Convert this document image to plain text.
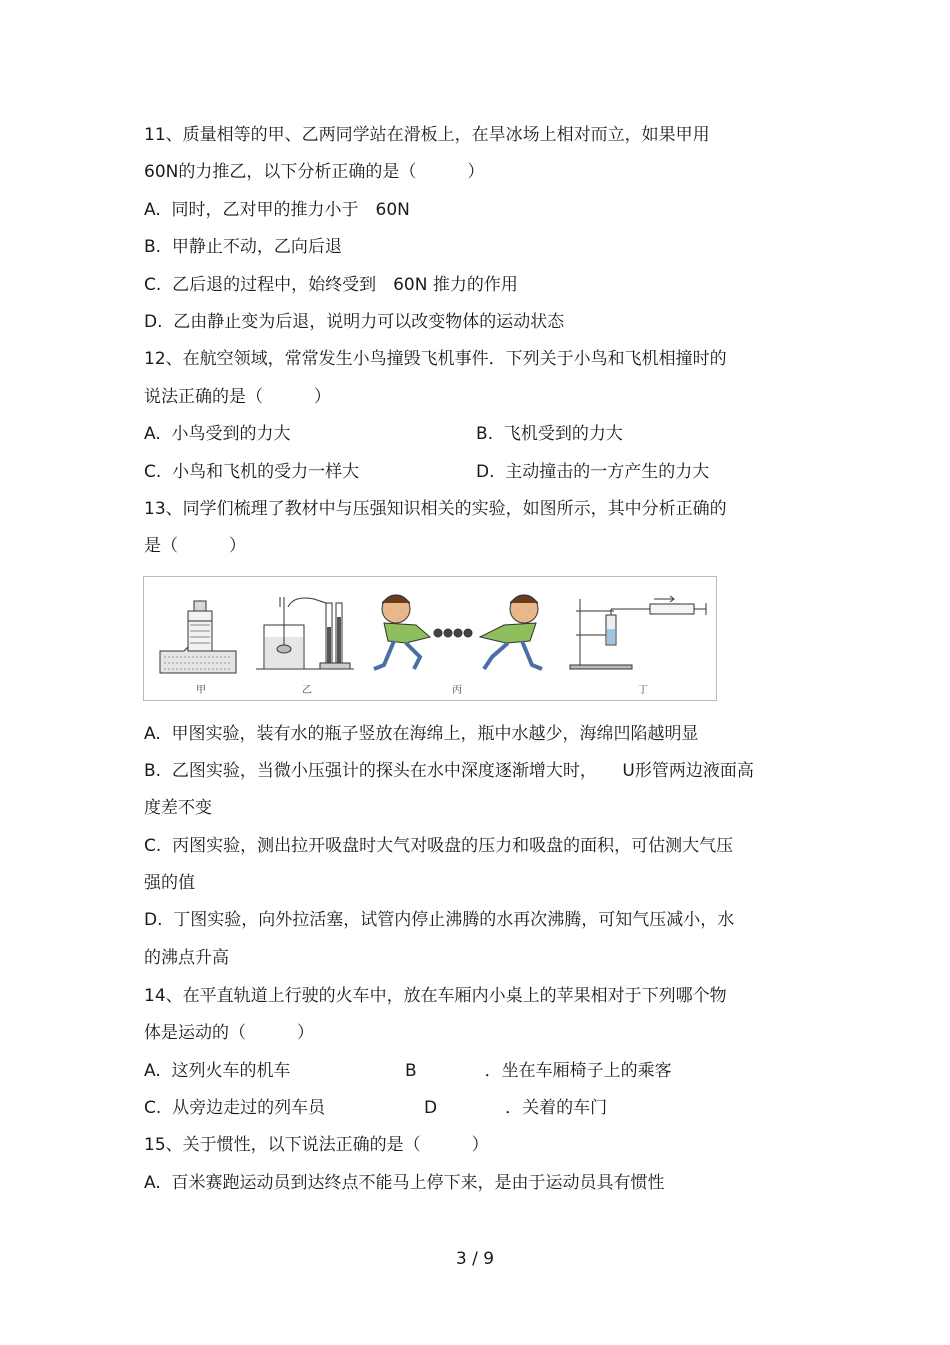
11、质量相等的甲、乙两同学站在滑板上，在旱冰场上相对而立，如果甲用
60N的力推乙，以下分析正确的是（　　　）
A.  同时，乙对甲的推力小于　60N
B.  甲静止不动，乙向后退
C.  乙后退的过程中，始终受到　60N 推力的作用
D.  乙由静止变为后退，说明力可以改变物体的运动状态
12、在航空领域，常常发生小鸟撞毁飞机事件．下列关于小鸟和飞机相撞时的
说法正确的是（　　　）
A.  小鸟受到的力大	B.  飞机受到的力大
C.  小鸟和飞机的受力一样大	D.  主动撞击的一方产生的力大
13、同学们梳理了教材中与压强知识相关的实验，如图所示，其中分析正确的
是（　　　）
甲	乙	丙	丁
A.  甲图实验，装有水的瓶子竖放在海绵上，瓶中水越少，海绵凹陷越明显
B.  乙图实验，当微小压强计的探头在水中深度逐渐增大时，　　U形管两边液面高
度差不变
C.  丙图实验，测出拉开吸盘时大气对吸盘的压力和吸盘的面积，可估测大气压
强的值
D.  丁图实验，向外拉活塞，试管内停止沸腾的水再次沸腾，可知气压减小，水
的沸点升高
14、在平直轨道上行驶的火车中，放在车厢内小桌上的苹果相对于下列哪个物
体是运动的（　　　）
A.  这列火车的机车	B　　　　．坐在车厢椅子上的乘客
C.  从旁边走过的列车员	D　　　　．关着的车门
15、关于惯性，以下说法正确的是（　　　）
A.  百米赛跑运动员到达终点不能马上停下来，是由于运动员具有惯性
3 / 9
